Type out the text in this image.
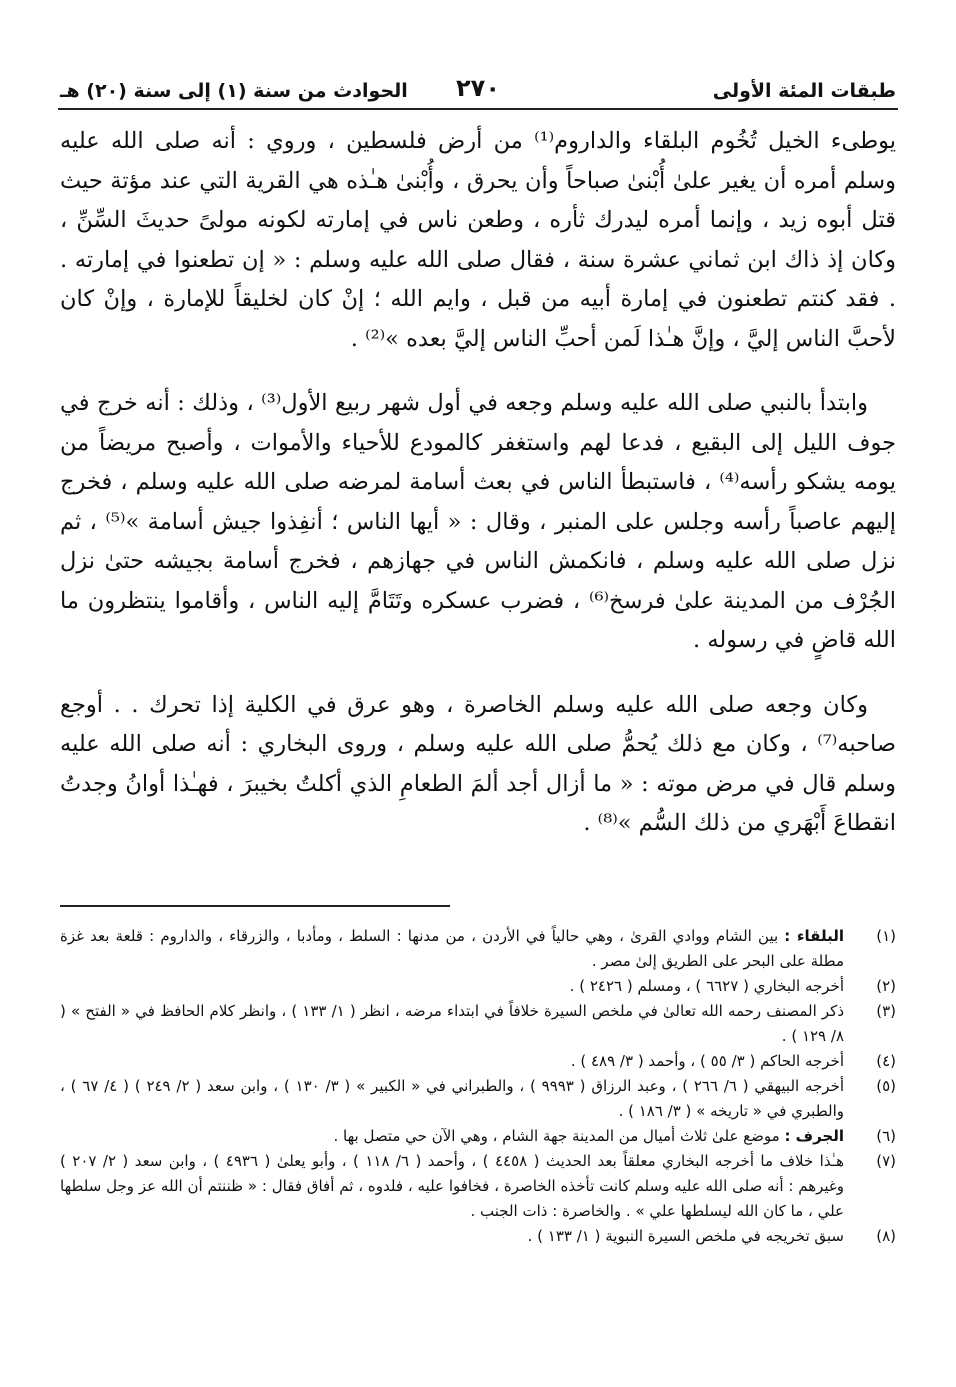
طبقات المئة الأولى
٢٧٠
الحوادث من سنة (١) إلى سنة (٢٠) هـ

يوطىء الخيل تُخُوم البلقاء والداروم⁽¹⁾ من أرض فلسطين ، وروي : أنه صلى الله عليه وسلم أمره أن يغير علىٰ أُبْنىٰ صباحاً وأن يحرق ، وأُبْنىٰ هـٰذه هي القرية التي عند مؤتة حيث قتل أبوه زيد ، وإنما أمره ليدرك ثأره ، وطعن ناس في إمارته لكونه مولىً حديثَ السِّنِّ ، وكان إذ ذاك ابن ثماني عشرة سنة ، فقال صلى الله عليه وسلم : « إن تطعنوا في إمارته . . فقد كنتم تطعنون في إمارة أبيه من قبل ، وايم الله ؛ إنْ كان لخليقاً للإمارة ، وإنْ كان لأحبَّ الناس إليَّ ، وإنَّ هـٰذا لَمن أحبِّ الناس إليَّ بعده »⁽²⁾ .

وابتدأ بالنبي صلى الله عليه وسلم وجعه في أول شهر ربيع الأول⁽³⁾ ، وذلك : أنه خرج في جوف الليل إلى البقيع ، فدعا لهم واستغفر كالمودع للأحياء والأموات ، وأصبح مريضاً من يومه يشكو رأسه⁽⁴⁾ ، فاستبطأ الناس في بعث أسامة لمرضه صلى الله عليه وسلم ، فخرج إليهم عاصباً رأسه وجلس على المنبر ، وقال : « أيها الناس ؛ أنفِذوا جيش أسامة »⁽⁵⁾ ، ثم نزل صلى الله عليه وسلم ، فانكمش الناس في جهازهم ، فخرج أسامة بجيشه حتىٰ نزل الجُرْف من المدينة علىٰ فرسخ⁽⁶⁾ ، فضرب عسكره وتَتَامَّ إليه الناس ، وأقاموا ينتظرون ما الله قاضٍ في رسوله .

وكان وجعه صلى الله عليه وسلم الخاصرة ، وهو عرق في الكلية إذا تحرك . . أوجع صاحبه⁽⁷⁾ ، وكان مع ذلك يُحمُّ صلى الله عليه وسلم ، وروى البخاري : أنه صلى الله عليه وسلم قال في مرض موته : « ما أزال أجد ألمَ الطعامِ الذي أكلتُ بخيبرَ ، فهـٰذا أوانُ وجدتُ انقطاعَ أَبْهَري من ذلك السُّم »⁽⁸⁾ .

(١)
البلقاء : بين الشام ووادي القرىٰ ، وهي حالياً في الأردن ، من مدنها : السلط ، ومأدبا ، والزرقاء ، والداروم : قلعة بعد غزة مطلة على البحر على الطريق إلىٰ مصر .
(٢)
أخرجه البخاري ( ٦٦٢٧ ) ، ومسلم ( ٢٤٢٦ ) .
(٣)
ذكر المصنف رحمه الله تعالىٰ في ملخص السيرة خلافاً في ابتداء مرضه ، انظر ( ١/ ١٣٣ ) ، وانظر كلام الحافظ في « الفتح » ( ٨/ ١٢٩ ) .
(٤)
أخرجه الحاكم ( ٣/ ٥٥ ) ، وأحمد ( ٣/ ٤٨٩ ) .
(٥)
أخرجه البيهقي ( ٦/ ٢٦٦ ) ، وعبد الرزاق ( ٩٩٩٣ ) ، والطبراني في « الكبير » ( ٣/ ١٣٠ ) ، وابن سعد ( ٢/ ٢٤٩ ) ( ٤/ ٦٧ ) ، والطبري في « تاريخه » ( ٣/ ١٨٦ ) .
(٦)
الجرف : موضع علىٰ ثلاث أميال من المدينة جهة الشام ، وهي الآن حي متصل بها .
(٧)
هـٰذا خلاف ما أخرجه البخاري معلقاً بعد الحديث ( ٤٤٥٨ ) ، وأحمد ( ٦/ ١١٨ ) ، وأبو يعلىٰ ( ٤٩٣٦ ) ، وابن سعد ( ٢/ ٢٠٧ ) وغيرهم : أنه صلى الله عليه وسلم كانت تأخذه الخاصرة ، فخافوا عليه ، فلدوه ، ثم أفاق فقال : « ظننتم أن الله عز وجل سلطها علي ، ما كان الله ليسلطها علي » . والخاصرة : ذات الجنب .
(٨)
سبق تخريجه في ملخص السيرة النبوية ( ١/ ١٣٣ ) .
